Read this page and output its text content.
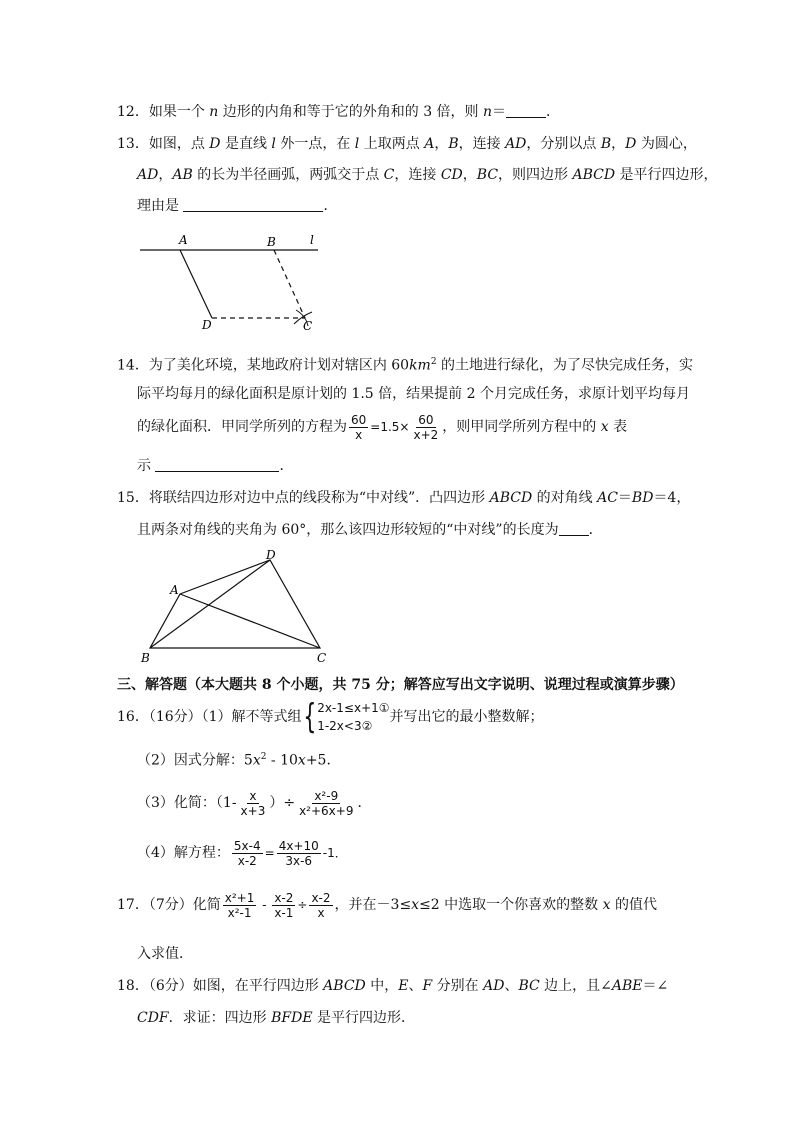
12．如果一个 n 边形的内角和等于它的外角和的 3 倍，则 n＝	．
13．如图，点 D 是直线 l 外一点，在 l 上取两点 A，B，连接 AD，分别以点 B，D 为圆心，
AD，AB 的长为半径画弧，两弧交于点 C，连接 CD，BC，则四边形 ABCD 是平行四边形，
理由是	．
A	B	l
D	C
14．为了美化环境，某地政府计划对辖区内 $60km^2$ 的土地进行绿化，为了尽快完成任务，实
际平均每月的绿化面积是原计划的 1.5 倍，结果提前 2 个月完成任务，求原计划平均每月
的绿化面积．甲同学所列的方程为 $\frac{60}{x} =1.5\times \frac{60}{x+2}$ ，则甲同学所列方程中的 x 表
示	．
15．将联结四边形对边中点的线段称为“中对线”．凸四边形 ABCD 的对角线 AC＝BD＝4，
且两条对角线的夹角为 60°，那么该四边形较短的“中对线”的长度为 ．
A
B	C
D
三、解答题（本大题共 8 个小题，共 75 分；解答应写出文字说明、说理过程或演算步骤）
16．（16分）（1）解不等式组{ 2x-1≤x+1①
1-2x<3②
并写出它的最小整数解；
（2）因式分解：$5x^2 - 10x+5$．
（3）化简：（$1- \frac{x}{x+3}$ ）÷ $\frac{\text{x²-9}}{\text{x²+6x+9}}$ ．
（4）解方程： $\frac{5x-4}{x-2} = \frac{4x+10}{3x-6} -1$．
17．（7分）化简 $\frac{\text{x²+1}}{\text{x²-1}} - \frac{x-2}{x-1} \div \frac{x-2}{x}$ ，并在－3≤x≤2 中选取一个你喜欢的整数 x 的值代
入求值．
18．（6分）如图，在平行四边形 ABCD 中，E、F 分别在 AD、BC 边上，且∠ABE＝∠
CDF．求证：四边形 BFDE 是平行四边形．
